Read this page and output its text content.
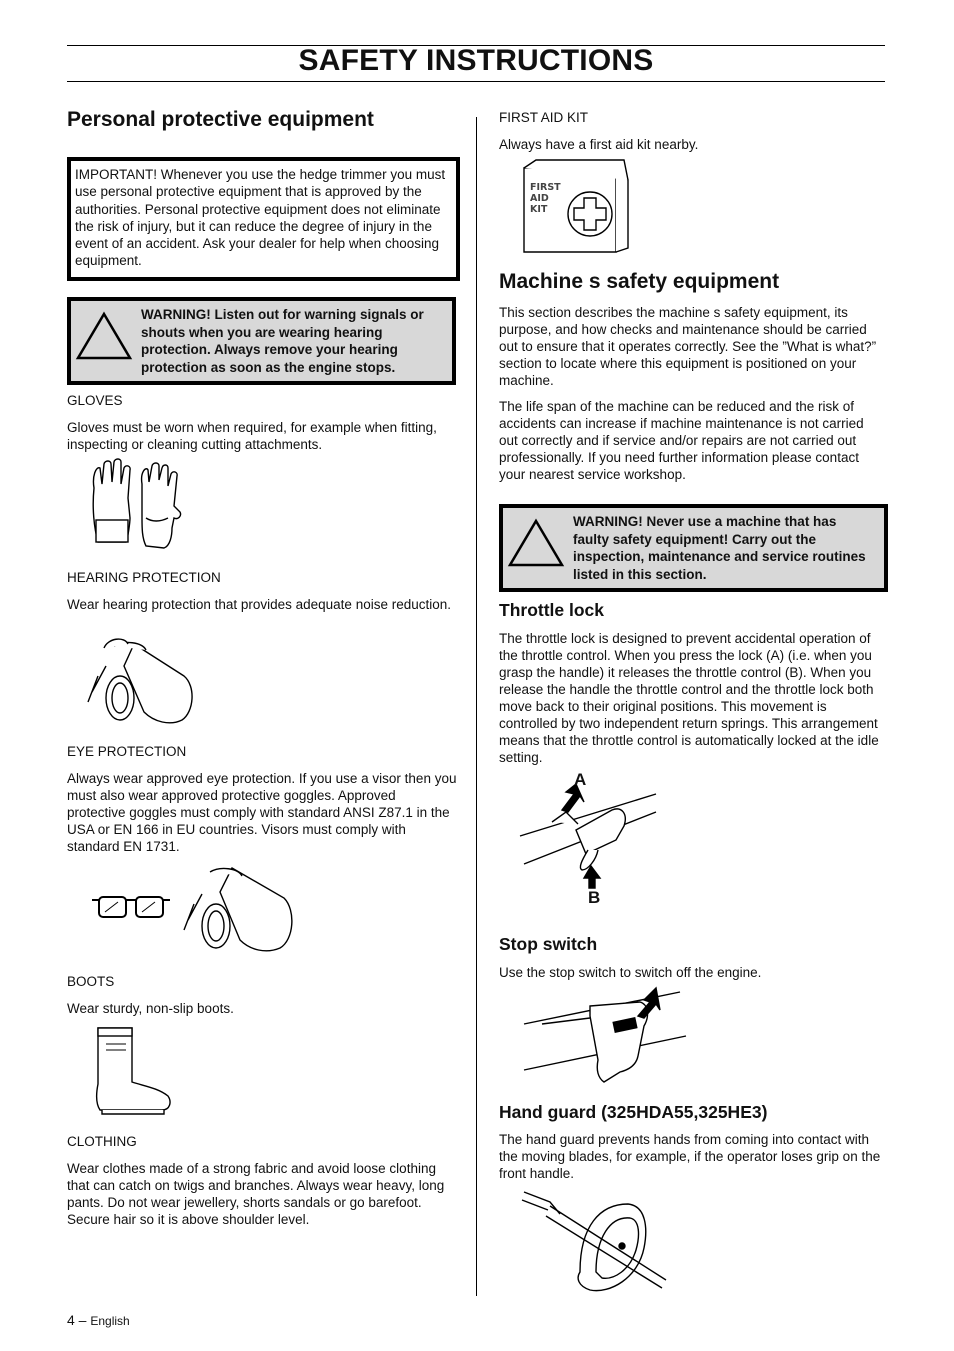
SAFETY INSTRUCTIONS
Personal protective equipment
IMPORTANT! Whenever you use the hedge trimmer you must use personal protective equipment that is approved by the authorities. Personal protective equipment does not eliminate the risk of injury, but it can reduce the degree of injury in the event of an accident. Ask your dealer for help when choosing equipment.
WARNING! Listen out for warning signals or shouts when you are wearing hearing protection. Always remove your hearing protection as soon as the engine stops.
GLOVES

Gloves must be worn when required, for example when fitting, inspecting or cleaning cutting attachments.

HEARING PROTECTION

Wear hearing protection that provides adequate noise reduction.

EYE PROTECTION

Always wear approved eye protection. If you use a visor then you must also wear approved protective goggles. Approved protective goggles must comply with standard ANSI Z87.1 in the USA or EN 166 in EU countries. Visors must comply with standard EN 1731.

BOOTS

Wear sturdy, non-slip boots.

CLOTHING

Wear clothes made of a strong fabric and avoid loose clothing that can catch on twigs and branches. Always wear heavy, long pants. Do not wear jewellery, shorts sandals or go barefoot. Secure hair so it is above shoulder level.

FIRST AID KIT

Always have a first aid kit nearby.

FIRST AID KIT
Machine s safety equipment

This section describes the machine s safety equipment, its purpose, and how checks and maintenance should be carried out to ensure that it operates correctly. See the ”What is what?” section to locate where this equipment is positioned on your machine.

The life span of the machine can be reduced and the risk of accidents can increase if machine maintenance is not carried out correctly and if service and/or repairs are not carried out professionally. If you need further information please contact your nearest service workshop.

WARNING! Never use a machine that has faulty safety equipment! Carry out the inspection, maintenance and service routines listed in this section.
Throttle lock

The throttle lock is designed to prevent accidental operation of the throttle control. When you press the lock (A) (i.e. when you grasp the handle) it releases the throttle control (B). When you release the handle the throttle control and the throttle lock both move back to their original positions. This movement is controlled by two independent return springs. This arrangement means that the throttle control is automatically locked at the idle setting.

A
B
Stop switch

Use the stop switch to switch off the engine.

Hand guard (325HDA55,325HE3)

The hand guard prevents hands from coming into contact with the moving blades, for example, if the operator loses grip on the front handle.

4 – English
